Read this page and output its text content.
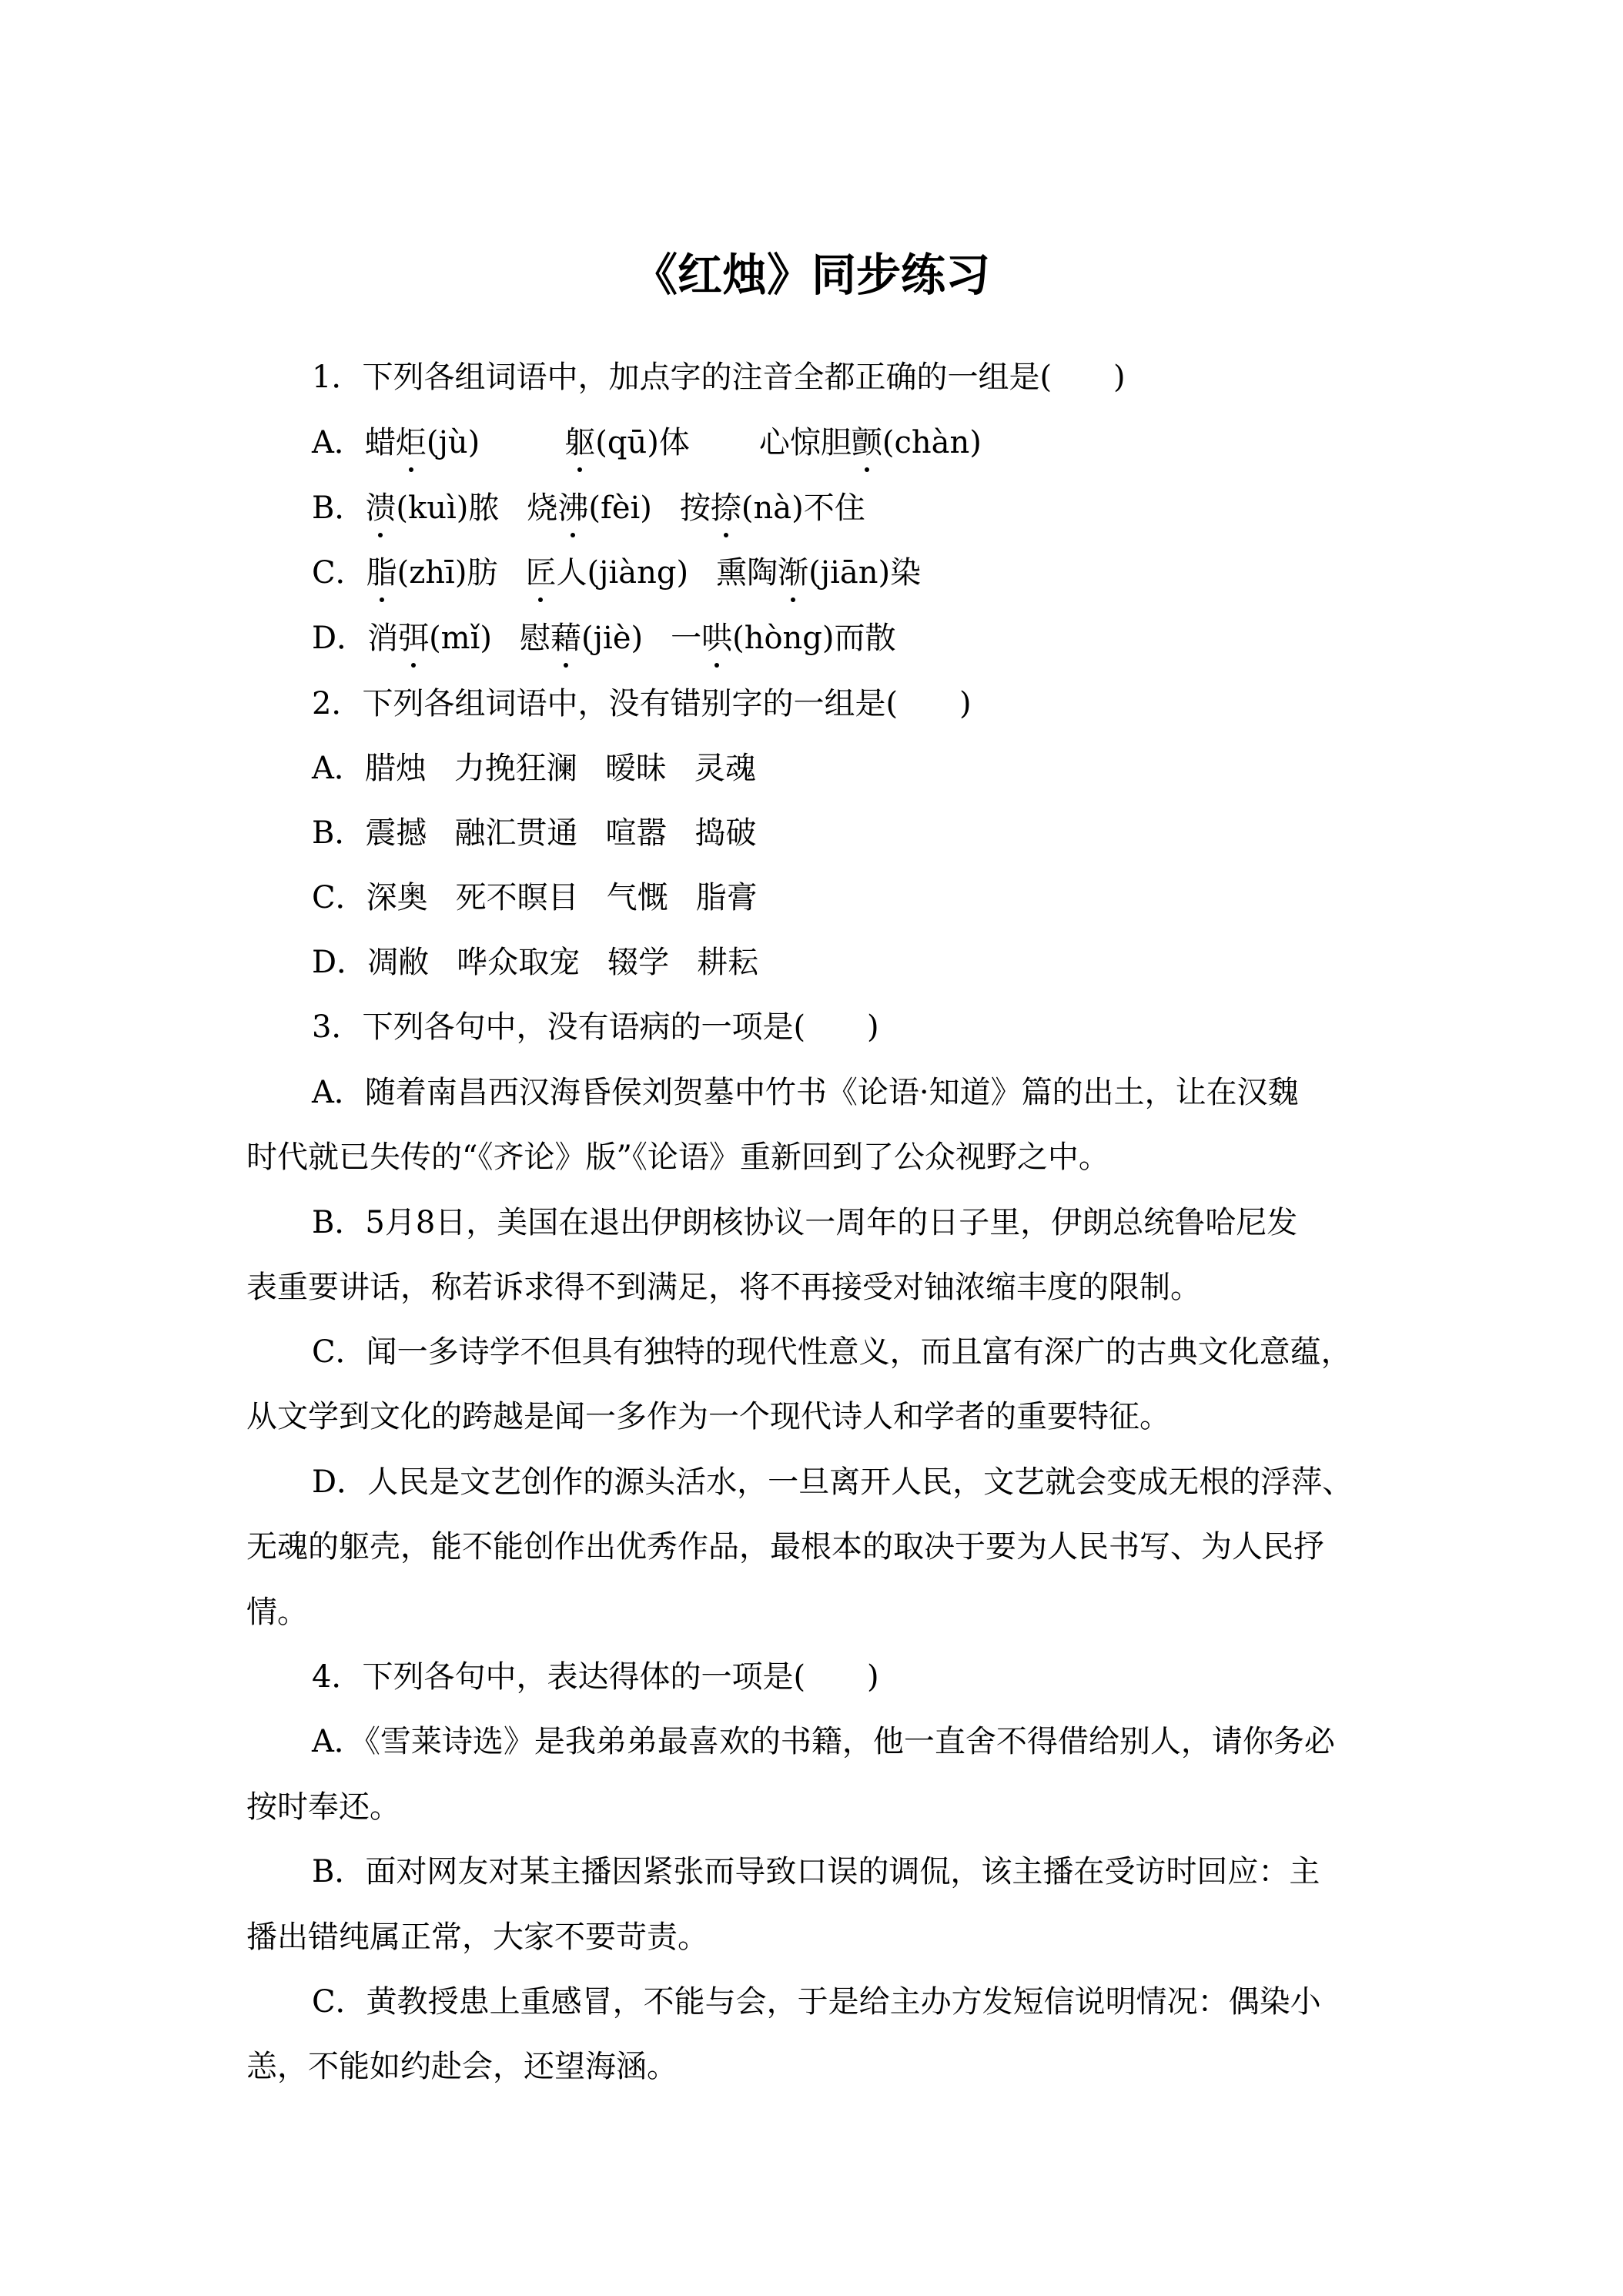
《红烛》同步练习
1．下列各组词语中，加点字的注音全都正确的一组是(　　)
A．蜡炬(jù)	躯(qū)体 心惊胆颤(chàn)
B．溃(kuì)脓 烧沸(fèi) 按捺(nà)不住
C．脂(zhī)肪 匠人(jiàng) 熏陶渐(jiān)染
D．消弭(mǐ) 慰藉(jiè) 一哄(hòng)而散
2．下列各组词语中，没有错别字的一组是(　　)
A．腊烛 力挽狂澜 暧昧 灵魂
B．震撼 融汇贯通 喧嚣 捣破
C．深奥 死不瞑目 气慨 脂膏
D．凋敝 哗众取宠 辍学 耕耘
3．下列各句中，没有语病的一项是(　　)
A．随着南昌西汉海昏侯刘贺墓中竹书《论语·知道》篇的出土，让在汉魏
时代就已失传的“《齐论》版”《论语》重新回到了公众视野之中。
B．5月8日，美国在退出伊朗核协议一周年的日子里，伊朗总统鲁哈尼发
表重要讲话，称若诉求得不到满足，将不再接受对铀浓缩丰度的限制。
C．闻一多诗学不但具有独特的现代性意义，而且富有深广的古典文化意蕴，
从文学到文化的跨越是闻一多作为一个现代诗人和学者的重要特征。
D．人民是文艺创作的源头活水，一旦离开人民，文艺就会变成无根的浮萍、
无魂的躯壳，能不能创作出优秀作品，最根本的取决于要为人民书写、为人民抒
情。
4．下列各句中，表达得体的一项是(　　)
A．《雪莱诗选》是我弟弟最喜欢的书籍，他一直舍不得借给别人，请你务必
按时奉还。
B．面对网友对某主播因紧张而导致口误的调侃，该主播在受访时回应：主
播出错纯属正常，大家不要苛责。
C．黄教授患上重感冒，不能与会，于是给主办方发短信说明情况：偶染小
恙，不能如约赴会，还望海涵。
